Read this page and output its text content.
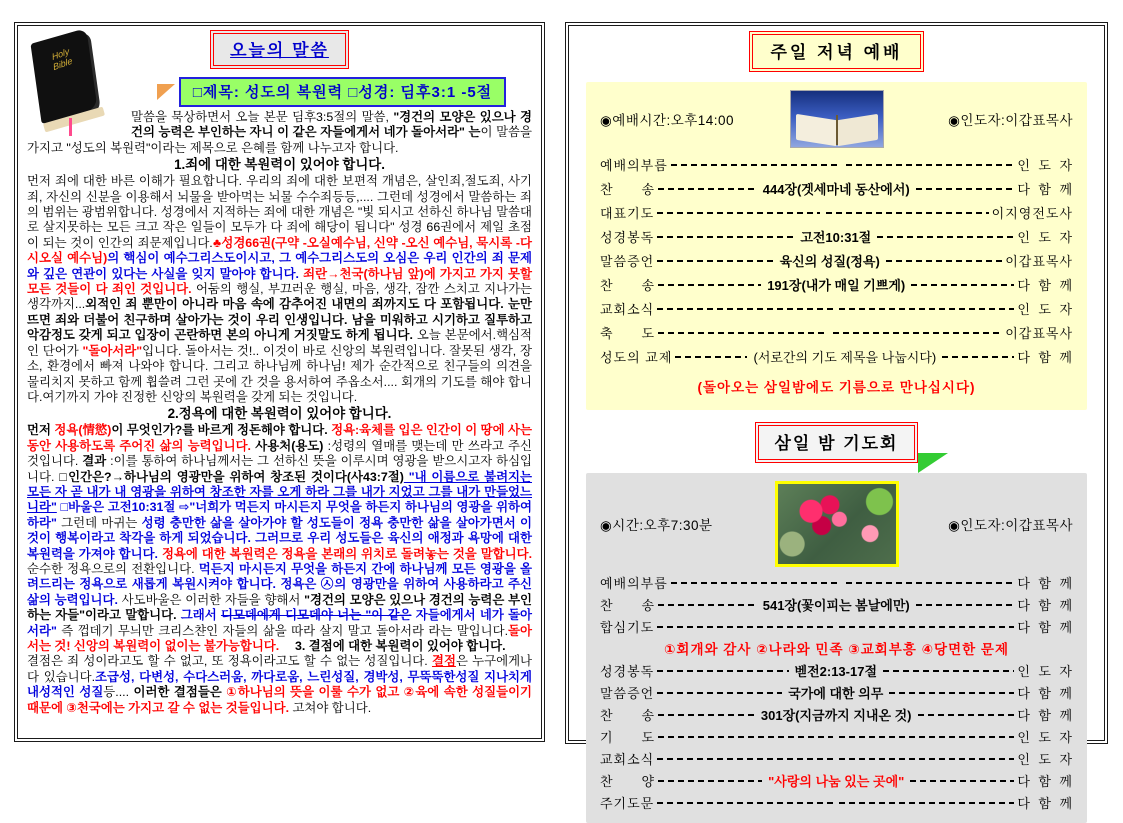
Holy
Bible
오늘의 말씀
□제목: 성도의 복원력 □성경: 딤후3:1 -5절
말씀을 묵상하면서 오늘 본문 딤후3:5절의 말씀, "경건의 모양은 있으나 경건의 능력은 부인하는 자니 이 같은 자들에게서 네가 돌아서라" 는이 말씀을 가지고 "성도의 복원력"이라는 제목으로 은혜를 함께 나누고자 합니다.
1.죄에 대한 복원력이 있어야 합니다.
먼저 죄에 대한 바른 이해가 필요합니다. 우리의 죄에 대한 보편적 개념은, 살인죄,절도죄, 사기죄, 자신의 신분을 이용해서 뇌물을 받아먹는 뇌물 수수죄등등,.... 그런데 성경에서 말씀하는 죄의 범위는 광범위합니다. 성경에서 지적하는 죄에 대한 개념은 "빛 되시고 선하신 하나님 말씀대로 살지못하는 모든 크고 작은 일들이 모두가 다 죄에 해당이 됩니다" 성경 66권에서 제일 초점이 되는 것이 인간의 죄문제입니다.♣성경66권(구약 -오실예수님, 신약 -오신 예수님, 묵시록 -다시오실 예수님)의 핵심이 예수그리스도이시고, 그 예수그리스도의 오심은 우리 인간의 죄 문제와 깊은 연관이 있다는 사실을 잊지 말아야 합니다. 죄란→천국(하나님 앞)에 가지고 가지 못할 모든 것들이 다 죄인 것입니다. 어둠의 행실, 부끄러운 행실, 마음, 생각, 잠깐 스치고 지나가는 생각까지...외적인 죄 뿐만이 아니라 마음 속에 감추어진 내면의 죄까지도 다 포함됩니다. 눈만뜨면 죄와 더불어 친구하며 살아가는 것이 우리 인생입니다. 남을 미워하고 시기하고 질투하고 악감정도 갖게 되고 입장이 곤란하면 본의 아니게 거짓말도 하게 됩니다. 오늘 본문에서.핵심적인 단어가 "돌아서라"입니다. 돌아서는 것!.. 이것이 바로 신앙의 복원력입니다. 잘못된 생각, 장소, 환경에서 빠져 나와야 합니다. 그리고 하나님께 하나님! 제가 순간적으로 친구들의 의견을 물리치지 못하고 함께 휩쓸려 그런 곳에 간 것을 용서하여 주옵소서.... 회개의 기도를 해야 합니다.여기까지 가야 진정한 신앙의 복원력을 갖게 되는 것입니다.
2.정욕에 대한 복원력이 있어야 합니다.
먼저 정욕(情慾)이 무엇인가?를 바르게 정돈해야 합니다. 정욕:육체를 입은 인간이 이 땅에 사는동안 사용하도록 주어진 삶의 능력입니다. 사용처(용도) :성령의 열매를 맺는데 만 쓰라고 주신 것입니다. 결과 :이를 통하여 하나님께서는 그 선하신 뜻을 이루시며 영광을 받으시고자 하심입니다. □인간은?→하나님의 영광만을 위하여 창조된 것이다(사43:7절) "내 이름으로 불려지는 모든 자 곧 내가 내 영광을 위하여 창조한 자를 오게 하라 그를 내가 지었고 그를 내가 만들었느니라" □바울은 고전10:31절 ⇨"너희가 먹든지 마시든지 무엇을 하든지 하나님의 영광을 위하여 하라" 그런데 마귀는 성령 충만한 삶을 살아가야 할 성도들이 정욕 충만한 삶을 살아가면서 이것이 행복이라고 착각을 하게 되었습니다. 그러므로 우리 성도들은 육신의 애정과 욕망에 대한 복원력을 가져야 합니다. 정욕에 대한 복원력은 정욕을 본래의 위치로 돌려놓는 것을 말합니다. 순수한 정욕으로의 전환입니다. 먹든지 마시든지 무엇을 하든지 간에 하나님께 모든 영광을 올려드리는 정욕으로 새롭게 복원시켜야 합니다. 정욕은 ㉦의 영광만을 위하여 사용하라고 주신 삶의 능력입니다. 사도바울은 이러한 자들을 향해서 "경건의 모양은 있으나 경건의 능력은 부인하는 자들"이라고 말합니다. 그래서 디모데에게 디모데야 너는 "이 같은 자들에게서 네가 돌아서라" 즉 껍데기 무늬만 크리스챤인 자들의 삶을 따라 살지 말고 돌아서라 라는 말입니다.돌아서는 것! 신앙의 복원력이 없이는 불가능합니다.  3. 결점에 대한 복원력이 있어야 합니다.
결점은 죄 성이라고도 할 수 없고, 또 정욕이라고도 할 수 없는 성질입니다. 결점은 누구에게나 다 있습니다.조급성, 다변성, 수다스러움, 까다로움, 느린성질, 경박성, 무뚝뚝한성질 지나치게 내성적인 성질등.... 이러한 결점들은 ①하나님의 뜻을 이룰 수가 없고 ②육에 속한 성질들이기 때문에 ③천국에는 가지고 갈 수 없는 것들입니다. 고쳐야 합니다.
주일 저녁 예배
◉예배시간:오후14:00	◉인도자:이갑표목사
예배의부름	인 도 자
찬  송	444장(겟세마네 동산에서)	다 함 께
대표기도	이지영전도사
성경봉독	고전10:31절	인 도 자
말씀증언	육신의 성질(정욕)	이갑표목사
찬  송	191장(내가 매일 기쁘게)	다 함 께
교회소식	인 도 자
축  도	이갑표목사
성도의 교제	(서로간의 기도 제목을 나눕시다)	다 함 께
(돌아오는 삼일밤에도 기름으로 만나십시다)
삼일 밤 기도회
◉시간:오후7:30분	◉인도자:이갑표목사
예배의부름	다 함 께
찬  송	541장(꽃이피는 봄날에만)	다 함 께
합심기도	다 함 께
①회개와 감사 ②나라와 민족 ③교회부흥 ④당면한 문제
성경봉독	벧전2:13-17절	인 도 자
말씀증언	국가에 대한 의무	다 함 께
찬  송	301장(지금까지 지내온 것)	다 함 께
기  도	인 도 자
교회소식	인 도 자
찬  양	"사랑의 나눔 있는 곳에"	다 함 께
주기도문	다 함 께
